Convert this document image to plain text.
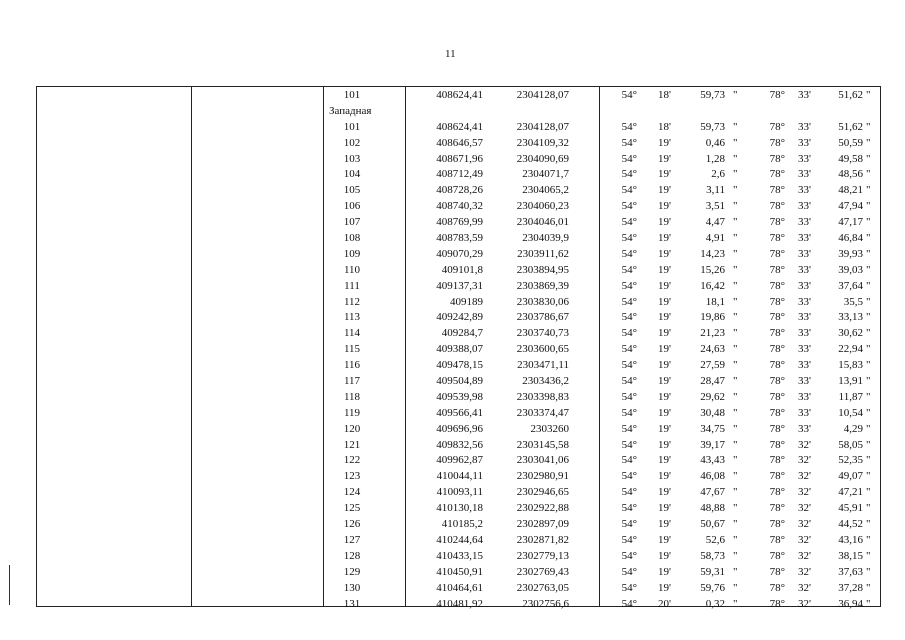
11
101	408624,41	2304128,07	54°	18'	59,73 "	78°	33'	51,62 "
Западная
101	408624,41	2304128,07	54°	18'	59,73 "	78°	33'	51,62 "
102	408646,57	2304109,32	54°	19'	0,46 "	78°	33'	50,59 "
103	408671,96	2304090,69	54°	19'	1,28 "	78°	33'	49,58 "
104	408712,49	2304071,7	54°	19'	2,6 "	78°	33'	48,56 "
105	408728,26	2304065,2	54°	19'	3,11 "	78°	33'	48,21 "
106	408740,32	2304060,23	54°	19'	3,51 "	78°	33'	47,94 "
107	408769,99	2304046,01	54°	19'	4,47 "	78°	33'	47,17 "
108	408783,59	2304039,9	54°	19'	4,91 "	78°	33'	46,84 "
109	409070,29	2303911,62	54°	19'	14,23 "	78°	33'	39,93 "
110	409101,8	2303894,95	54°	19'	15,26 "	78°	33'	39,03 "
111	409137,31	2303869,39	54°	19'	16,42 "	78°	33'	37,64 "
112	409189	2303830,06	54°	19'	18,1 "	78°	33'	35,5 "
113	409242,89	2303786,67	54°	19'	19,86 "	78°	33'	33,13 "
114	409284,7	2303740,73	54°	19'	21,23 "	78°	33'	30,62 "
115	409388,07	2303600,65	54°	19'	24,63 "	78°	33'	22,94 "
116	409478,15	2303471,11	54°	19'	27,59 "	78°	33'	15,83 "
117	409504,89	2303436,2	54°	19'	28,47 "	78°	33'	13,91 "
118	409539,98	2303398,83	54°	19'	29,62 "	78°	33'	11,87 "
119	409566,41	2303374,47	54°	19'	30,48 "	78°	33'	10,54 "
120	409696,96	2303260	54°	19'	34,75 "	78°	33'	4,29 "
121	409832,56	2303145,58	54°	19'	39,17 "	78°	32'	58,05 "
122	409962,87	2303041,06	54°	19'	43,43 "	78°	32'	52,35 "
123	410044,11	2302980,91	54°	19'	46,08 "	78°	32'	49,07 "
124	410093,11	2302946,65	54°	19'	47,67 "	78°	32'	47,21 "
125	410130,18	2302922,88	54°	19'	48,88 "	78°	32'	45,91 "
126	410185,2	2302897,09	54°	19'	50,67 "	78°	32'	44,52 "
127	410244,64	2302871,82	54°	19'	52,6 "	78°	32'	43,16 "
128	410433,15	2302779,13	54°	19'	58,73 "	78°	32'	38,15 "
129	410450,91	2302769,43	54°	19'	59,31 "	78°	32'	37,63 "
130	410464,61	2302763,05	54°	19'	59,76 "	78°	32'	37,28 "
131	410481,92	2302756,6	54°	20'	0,32 "	78°	32'	36,94 "
